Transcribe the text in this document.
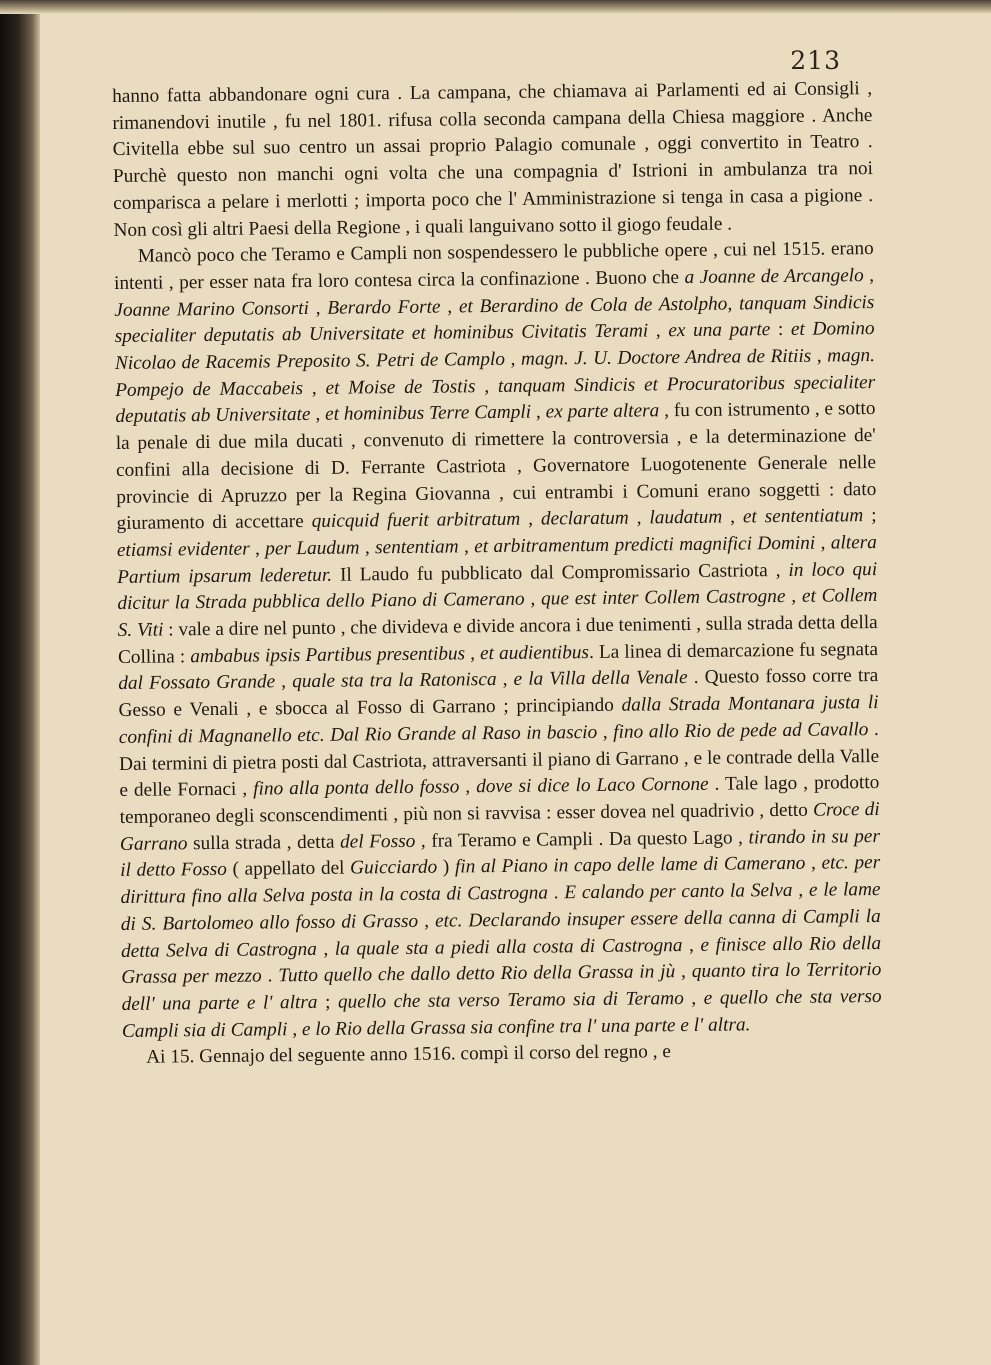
213

hanno fatta abbandonare ogni cura . La campana, che chiamava ai Parlamenti ed ai Consigli , rimanendovi inutile , fu nel 1801. rifusa colla seconda campana della Chiesa maggiore . Anche Civitella ebbe sul suo centro un assai proprio Palagio comunale , oggi convertito in Teatro . Purchè questo non manchi ogni volta che una compagnia d' Istrioni in ambulanza tra noi comparisca a pelare i merlotti ; importa poco che l' Amministrazione si tenga in casa a pigione . Non così gli altri Paesi della Regione , i quali languivano sotto il giogo feudale .

Mancò poco che Teramo e Campli non sospendessero le pubbliche opere , cui nel 1515. erano intenti , per esser nata fra loro contesa circa la confinazione . Buono che a Joanne de Arcangelo , Joanne Marino Consorti , Berardo Forte , et Berardino de Cola de Astolpho, tanquam Sindicis specialiter deputatis ab Universitate et hominibus Civitatis Terami , ex una parte : et Domino Nicolao de Racemis Preposito S. Petri de Camplo , magn. J. U. Doctore Andrea de Ritiis , magn. Pompejo de Maccabeis , et Moise de Tostis , tanquam Sindicis et Procuratoribus specialiter deputatis ab Universitate , et hominibus Terre Campli , ex parte altera , fu con istrumento , e sotto la penale di due mila ducati , convenuto di rimettere la controversia , e la determinazione de' confini alla decisione di D. Ferrante Castriota , Governatore Luogotenente Generale nelle provincie di Apruzzo per la Regina Giovanna , cui entrambi i Comuni erano soggetti : dato giuramento di accettare quicquid fuerit arbitratum , declaratum , laudatum , et sententiatum ; etiamsi evidenter , per Laudum , sententiam , et arbitramentum predicti magnifici Domini , altera Partium ipsarum lederetur. Il Laudo fu pubblicato dal Compromissario Castriota , in loco qui dicitur la Strada pubblica dello Piano di Camerano , que est inter Collem Castrogne , et Collem S. Viti : vale a dire nel punto , che divideva e divide ancora i due tenimenti , sulla strada detta della Collina : ambabus ipsis Partibus presentibus , et audientibus. La linea di demarcazione fu segnata dal Fossato Grande , quale sta tra la Ratonisca , e la Villa della Venale . Questo fosso corre tra Gesso e Venali , e sbocca al Fosso di Garrano ; principiando dalla Strada Montanara justa li confini di Magnanello etc. Dal Rio Grande al Raso in bascio , fino allo Rio de pede ad Cavallo . Dai termini di pietra posti dal Castriota, attraversanti il piano di Garrano , e le contrade della Valle e delle Fornaci , fino alla ponta dello fosso , dove si dice lo Laco Cornone . Tale lago , prodotto temporaneo degli sconscendimenti , più non si ravvisa : esser dovea nel quadrivio , detto Croce di Garrano sulla strada , detta del Fosso , fra Teramo e Campli . Da questo Lago , tirando in su per il detto Fosso ( appellato del Guicciardo ) fin al Piano in capo delle lame di Camerano , etc. per dirittura fino alla Selva posta in la costa di Castrogna . E calando per canto la Selva , e le lame di S. Bartolomeo allo fosso di Grasso , etc. Declarando insuper essere della canna di Campli la detta Selva di Castrogna , la quale sta a piedi alla costa di Castrogna , e finisce allo Rio della Grassa per mezzo . Tutto quello che dallo detto Rio della Grassa in jù , quanto tira lo Territorio dell' una parte e l' altra ; quello che sta verso Teramo sia di Teramo , e quello che sta verso Campli sia di Campli , e lo Rio della Grassa sia confine tra l' una parte e l' altra.

Ai 15. Gennajo del seguente anno 1516. compì il corso del regno , e
